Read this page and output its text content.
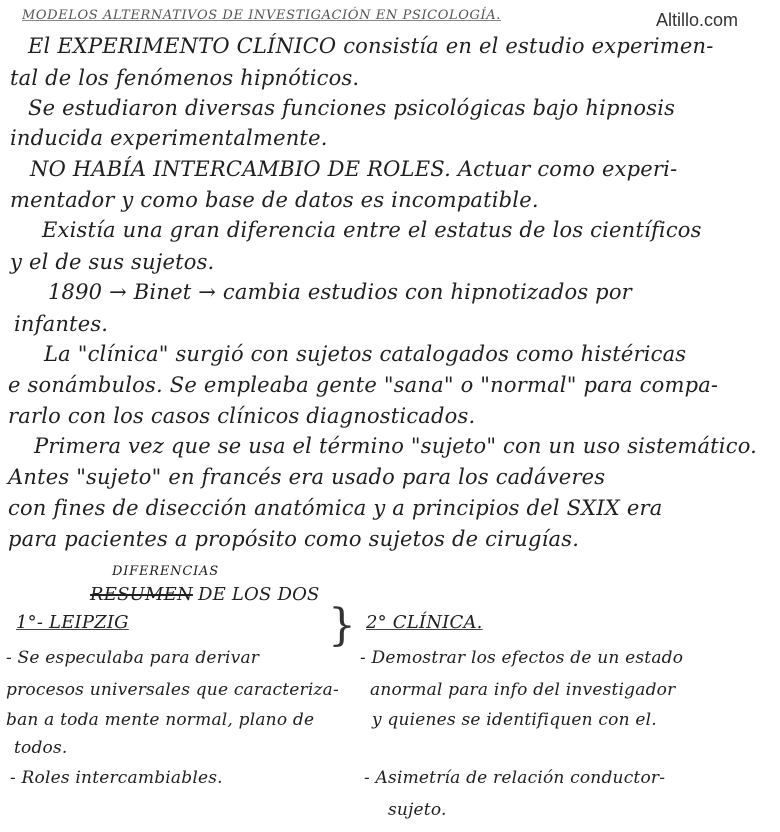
MODELOS ALTERNATIVOS DE INVESTIGACIÓN EN PSICOLOGÍA.	Altillo.com
El EXPERIMENTO CLÍNICO consistía en el estudio experimen-
tal de los fenómenos hipnóticos.
Se estudiaron diversas funciones psicológicas bajo hipnosis
inducida experimentalmente.
NO HABÍA INTERCAMBIO DE ROLES. Actuar como experi-
mentador y como base de datos es incompatible.
Existía una gran diferencia entre el estatus de los científicos
y el de sus sujetos.
1890 → Binet → cambia estudios con hipnotizados por
infantes.
La "clínica" surgió con sujetos catalogados como histéricas
e sonámbulos. Se empleaba gente "sana" o "normal" para compa-
rarlo con los casos clínicos diagnosticados.
Primera vez que se usa el término "sujeto" con un uso sistemático.
Antes "sujeto" en francés era usado para los cadáveres
con fines de disección anatómica y a principios del SXIX era
para pacientes a propósito como sujetos de cirugías.
DIFERENCIAS
RESUMEN DE LOS DOS
}
1°- LEIPZIG
- Se especulaba para derivar
procesos universales que caracteriza-
ban a toda mente normal, plano de
todos.
- Roles intercambiables.
2° CLÍNICA.
- Demostrar los efectos de un estado
anormal para info del investigador
y quienes se identifiquen con el.
- Asimetría de relación conductor-
sujeto.
